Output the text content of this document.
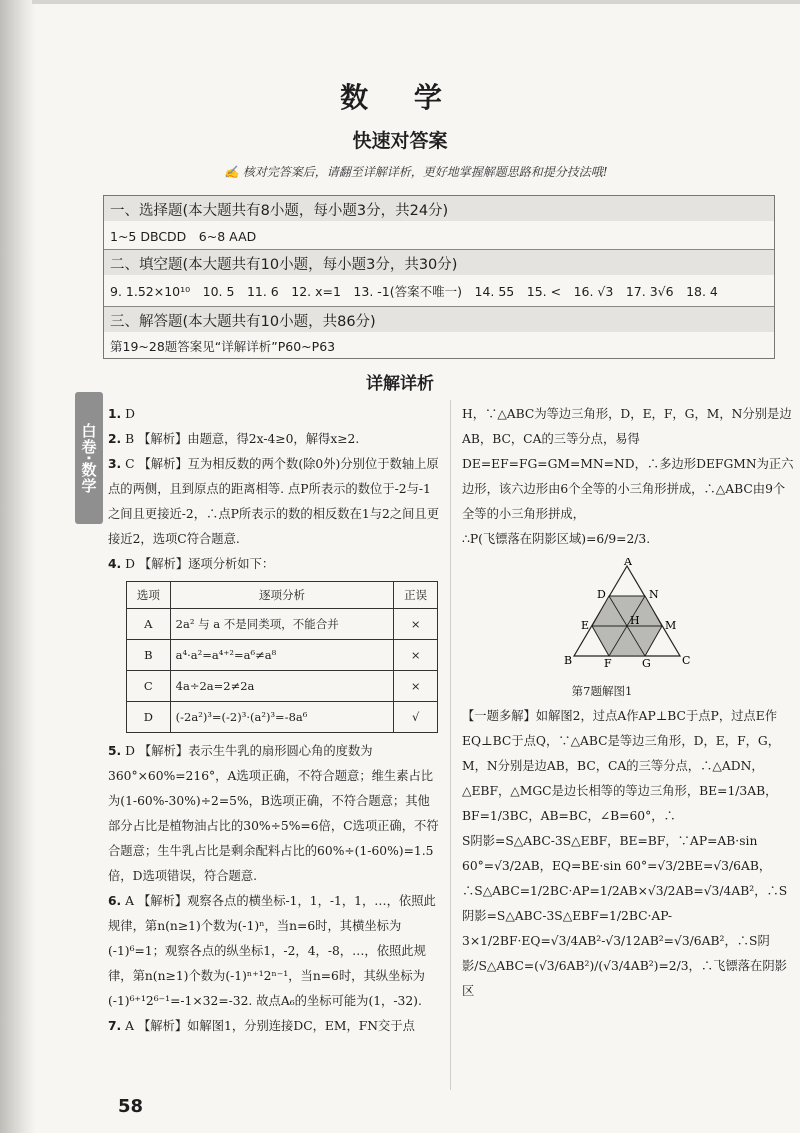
白卷·数学
数 学
快速对答案
✍ 核对完答案后，请翻至详解详析，更好地掌握解题思路和提分技法哦!
一、选择题(本大题共有8小题，每小题3分，共24分)
1~5 DBCDD　6~8 AAD
二、填空题(本大题共有10小题，每小题3分，共30分)
9. 1.52×10¹⁰　10. 5　11. 6　12. x=1　13. -1(答案不唯一)　14. 55　15. <　16. √3　17. 3√6　18. 4
三、解答题(本大题共有10小题，共86分)
第19~28题答案见“详解详析”P60~P63
详解详析

1. D

2. B 【解析】由题意，得2x-4≥0，解得x≥2.

3. C 【解析】互为相反数的两个数(除0外)分别位于数轴上原点的两侧，且到原点的距离相等. 点P所表示的数位于-2与-1之间且更接近-2，∴点P所表示的数的相反数在1与2之间且更接近2，选项C符合题意.

4. D 【解析】逐项分析如下：

选项	逐项分析	正误
A	2a² 与 a 不是同类项，不能合并	×
B	a⁴·a²=a⁴⁺²=a⁶≠a⁸	×
C	4a÷2a=2≠2a	×
D	(-2a²)³=(-2)³·(a²)³=-8a⁶	√

5. D 【解析】表示生牛乳的扇形圆心角的度数为360°×60%=216°，A选项正确，不符合题意；维生素占比为(1-60%-30%)÷2=5%，B选项正确，不符合题意；其他部分占比是植物油占比的30%÷5%=6倍，C选项正确，不符合题意；生牛乳占比是剩余配料占比的60%÷(1-60%)=1.5倍，D选项错误，符合题意.

6. A 【解析】观察各点的横坐标-1，1，-1，1，…，依照此规律，第n(n≥1)个数为(-1)ⁿ，当n=6时，其横坐标为(-1)⁶=1；观察各点的纵坐标1，-2，4，-8，…，依照此规律，第n(n≥1)个数为(-1)ⁿ⁺¹2ⁿ⁻¹，当n=6时，其纵坐标为(-1)⁶⁺¹2⁶⁻¹=-1×32=-32. 故点A₆的坐标可能为(1，-32).

7. A 【解析】如解图1，分别连接DC，EM，FN交于点

H，∵△ABC为等边三角形，D，E，F，G，M，N分别是边AB，BC，CA的三等分点，易得DE=EF=FG=GM=MN=ND，∴多边形DEFGMN为正六边形，该六边形由6个全等的小三角形拼成，∴△ABC由9个全等的小三角形拼成，

∴P(飞镖落在阴影区域)=6/9=2/3.

A
D	N
E	H M
B	F	G	C
第7题解图1

【一题多解】如解图2，过点A作AP⊥BC于点P，过点E作EQ⊥BC于点Q，∵△ABC是等边三角形，D，E，F，G，M，N分别是边AB，BC，CA的三等分点，∴△ADN，△EBF，△MGC是边长相等的等边三角形，BE=1/3AB，BF=1/3BC，AB=BC，∠B=60°，∴

S阴影=S△ABC-3S△EBF，BE=BF，∵AP=AB·sin 60°=√3/2AB，EQ=BE·sin 60°=√3/2BE=√3/6AB，∴S△ABC=1/2BC·AP=1/2AB×√3/2AB=√3/4AB²，∴S阴影=S△ABC-3S△EBF=1/2BC·AP-3×1/2BF·EQ=√3/4AB²-√3/12AB²=√3/6AB²，∴S阴影/S△ABC=(√3/6AB²)/(√3/4AB²)=2/3，∴飞镖落在阴影区

58
